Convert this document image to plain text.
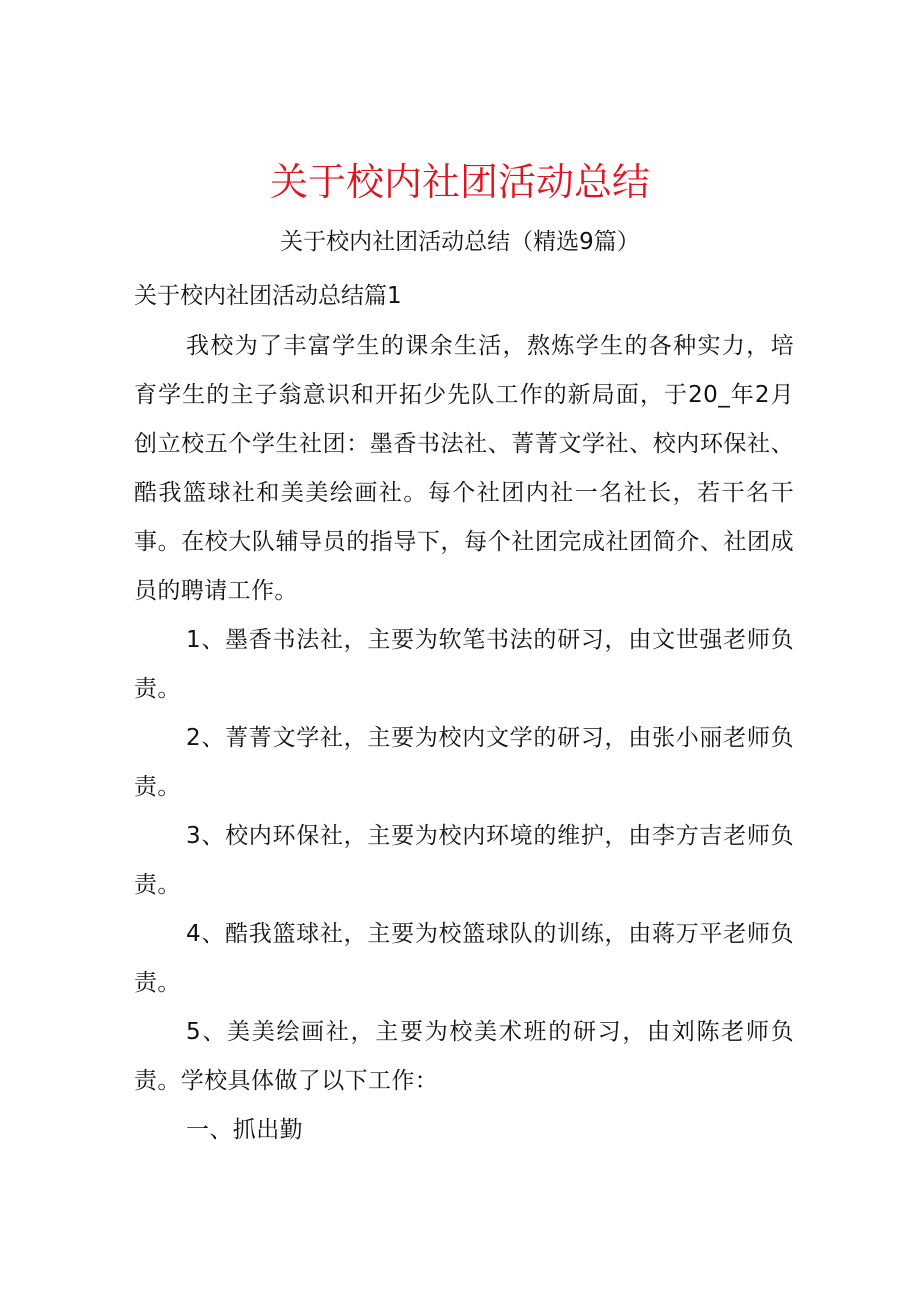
关于校内社团活动总结
关于校内社团活动总结（精选9篇）
关于校内社团活动总结篇1

我校为了丰富学生的课余生活，熬炼学生的各种实力，培育学生的主子翁意识和开拓少先队工作的新局面，于20_年2月创立校五个学生社团：墨香书法社、菁菁文学社、校内环保社、酷我篮球社和美美绘画社。每个社团内社一名社长，若干名干事。在校大队辅导员的指导下，每个社团完成社团简介、社团成员的聘请工作。

1、墨香书法社，主要为软笔书法的研习，由文世强老师负责。

2、菁菁文学社，主要为校内文学的研习，由张小丽老师负责。

3、校内环保社，主要为校内环境的维护，由李方吉老师负责。

4、酷我篮球社，主要为校篮球队的训练，由蒋万平老师负责。

5、美美绘画社，主要为校美术班的研习，由刘陈老师负责。学校具体做了以下工作：

一、抓出勤
